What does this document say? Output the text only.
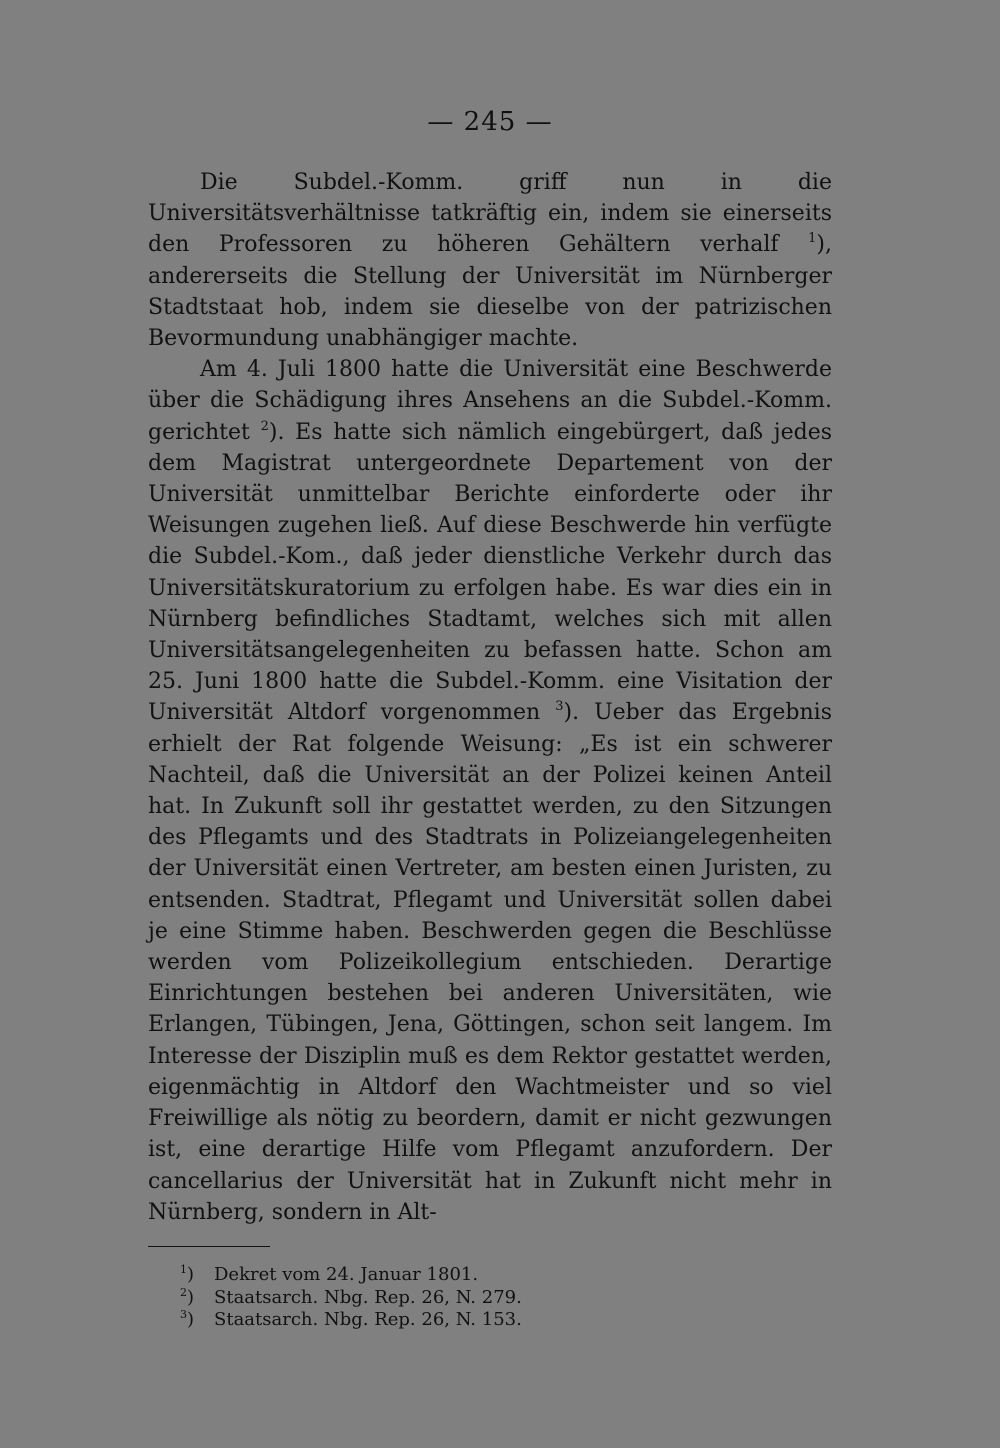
— 245 —

Die Subdel.-Komm. griff nun in die Universitätsverhältnisse tatkräftig ein, indem sie einerseits den Professoren zu höheren Gehältern verhalf $^1$), andererseits die Stellung der Universität im Nürnberger Stadtstaat hob, indem sie dieselbe von der patrizischen Bevormundung unabhängiger machte.

Am 4. Juli 1800 hatte die Universität eine Beschwerde über die Schädigung ihres Ansehens an die Subdel.-Komm. gerichtet $^2$). Es hatte sich nämlich eingebürgert, daß jedes dem Magistrat untergeordnete Departement von der Universität unmittelbar Berichte einforderte oder ihr Weisungen zugehen ließ. Auf diese Beschwerde hin verfügte die Subdel.-Kom., daß jeder dienstliche Verkehr durch das Universitätskuratorium zu erfolgen habe. Es war dies ein in Nürnberg befindliches Stadtamt, welches sich mit allen Universitätsangelegenheiten zu befassen hatte. Schon am 25. Juni 1800 hatte die Subdel.-Komm. eine Visitation der Universität Altdorf vorgenommen $^3$). Ueber das Ergebnis erhielt der Rat folgende Weisung: „Es ist ein schwerer Nachteil, daß die Universität an der Polizei keinen Anteil hat. In Zukunft soll ihr gestattet werden, zu den Sitzungen des Pflegamts und des Stadtrats in Polizeiangelegenheiten der Universität einen Vertreter, am besten einen Juristen, zu entsenden. Stadtrat, Pflegamt und Universität sollen dabei je eine Stimme haben. Beschwerden gegen die Beschlüsse werden vom Polizeikollegium entschieden. Derartige Einrichtungen bestehen bei anderen Universitäten, wie Erlangen, Tübingen, Jena, Göttingen, schon seit langem. Im Interesse der Disziplin muß es dem Rektor gestattet werden, eigenmächtig in Altdorf den Wachtmeister und so viel Freiwillige als nötig zu beordern, damit er nicht gezwungen ist, eine derartige Hilfe vom Pflegamt anzufordern. Der cancellarius der Universität hat in Zukunft nicht mehr in Nürnberg, sondern in Alt-

$^1$) Dekret vom 24. Januar 1801.
$^2$) Staatsarch. Nbg. Rep. 26, N. 279.
$^3$) Staatsarch. Nbg. Rep. 26, N. 153.
